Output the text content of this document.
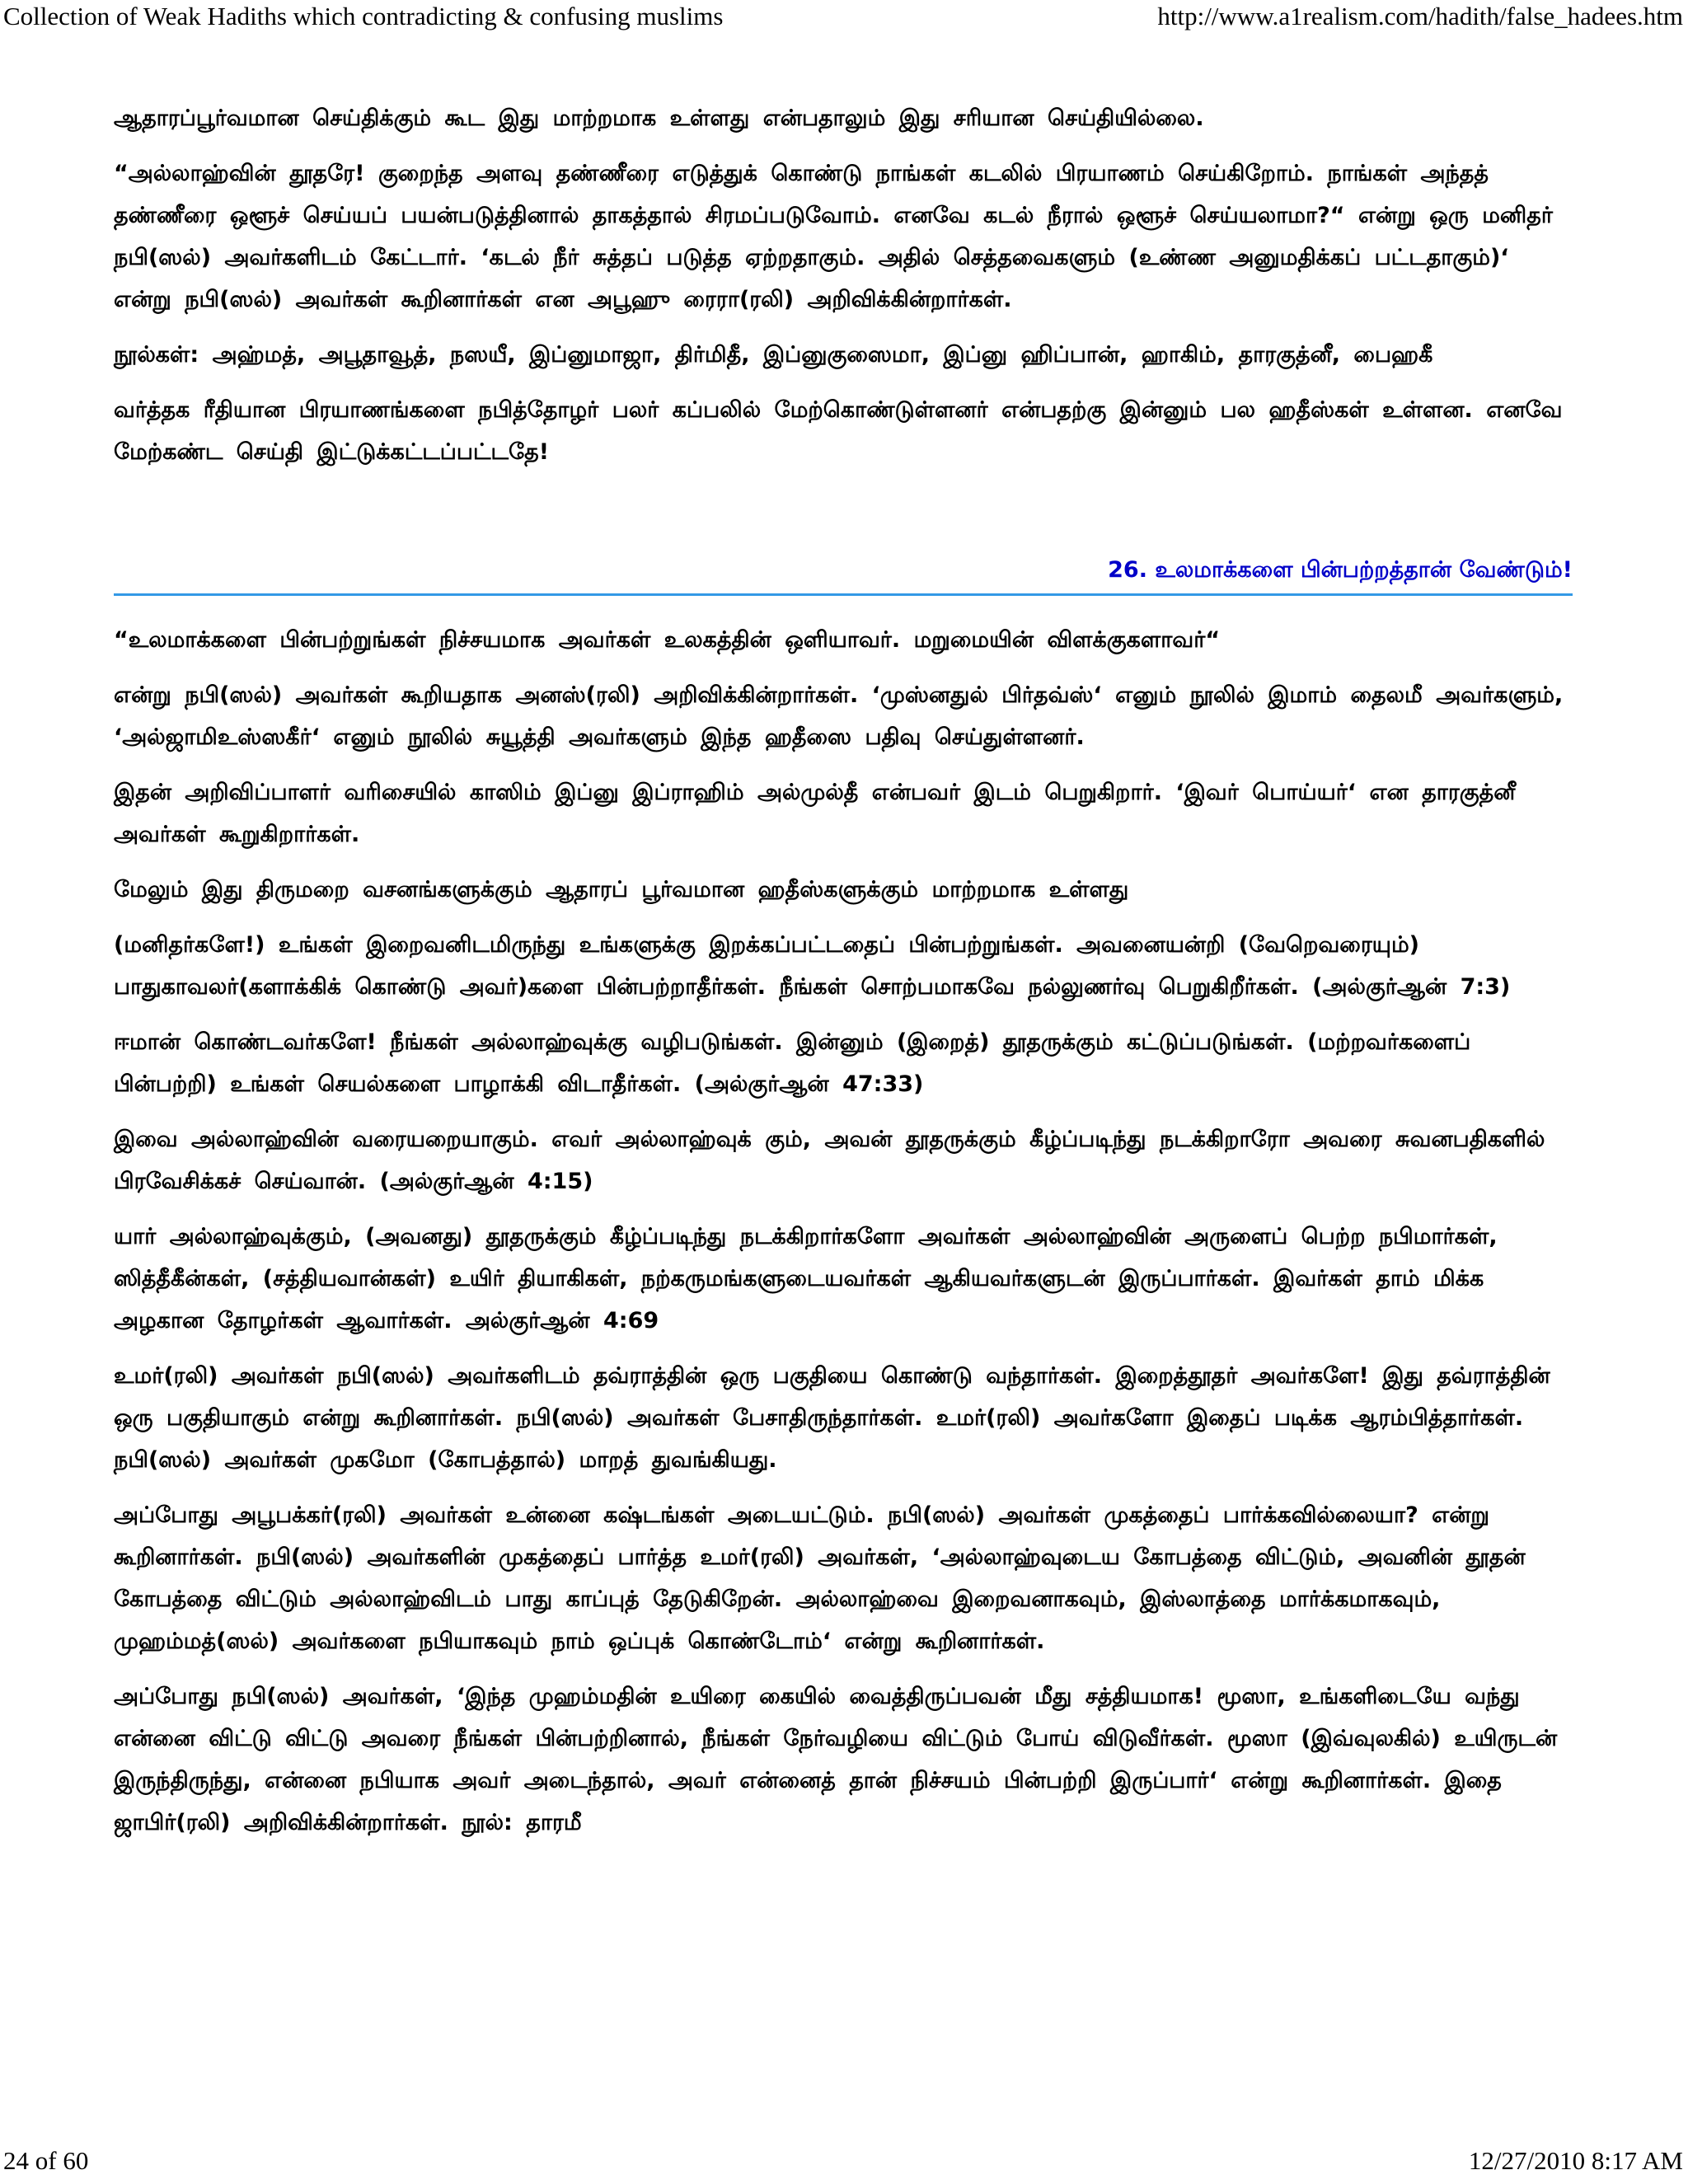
Collection of Weak Hadiths which contradicting & confusing muslims	http://www.a1realism.com/hadith/false_hadees.htm

ஆதாரப்பூர்வமான செய்திக்கும் கூட இது மாற்றமாக உள்ளது என்பதாலும் இது சரியான செய்தியில்லை.

“அல்லாஹ்வின் தூதரே! குறைந்த அளவு தண்ணீரை எடுத்துக் கொண்டு நாங்கள் கடலில் பிரயாணம் செய்கிறோம். நாங்கள் அந்தத் தண்ணீரை ஒளூச் செய்யப் பயன்படுத்தினால் தாகத்தால் சிரமப்படுவோம். எனவே கடல் நீரால் ஒளூச் செய்யலாமா?“ என்று ஒரு மனிதர் நபி(ஸல்) அவர்களிடம் கேட்டார். ‘கடல் நீர் சுத்தப் படுத்த ஏற்றதாகும். அதில் செத்தவைகளும் (உண்ண அனுமதிக்கப் பட்டதாகும்)‘ என்று நபி(ஸல்) அவர்கள் கூறினார்கள் என அபூஹு ரைரா(ரலி) அறிவிக்கின்றார்கள்.

நூல்கள்: அஹ்மத், அபூதாவூத், நஸயீ, இப்னுமாஜா, திர்மிதீ, இப்னுகுஸைமா, இப்னு ஹிப்பான், ஹாகிம், தாரகுத்னீ, பைஹகீ

வர்த்தக ரீதியான பிரயாணங்களை நபித்தோழர் பலர் கப்பலில் மேற்கொண்டுள்ளனர் என்பதற்கு இன்னும் பல ஹதீஸ்கள் உள்ளன. எனவே மேற்கண்ட செய்தி இட்டுக்கட்டப்பட்டதே!

26. உலமாக்களை பின்பற்றத்தான் வேண்டும்!

“உலமாக்களை பின்பற்றுங்கள் நிச்சயமாக அவர்கள் உலகத்தின் ஒளியாவர். மறுமையின் விளக்குகளாவர்“

என்று நபி(ஸல்) அவர்கள் கூறியதாக அனஸ்(ரலி) அறிவிக்கின்றார்கள். ‘முஸ்னதுல் பிர்தவ்ஸ்‘ எனும் நூலில் இமாம் தைலமீ அவர்களும், ‘அல்ஜாமிஉஸ்ஸகீர்‘ எனும் நூலில் சுயூத்தி அவர்களும் இந்த ஹதீஸை பதிவு செய்துள்ளனர்.

இதன் அறிவிப்பாளர் வரிசையில் காஸிம் இப்னு இப்ராஹிம் அல்முல்தீ என்பவர் இடம் பெறுகிறார். ‘இவர் பொய்யர்‘ என தாரகுத்னீ அவர்கள் கூறுகிறார்கள்.

மேலும் இது திருமறை வசனங்களுக்கும் ஆதாரப் பூர்வமான ஹதீஸ்களுக்கும் மாற்றமாக உள்ளது

(மனிதர்களே!) உங்கள் இறைவனிடமிருந்து உங்களுக்கு இறக்கப்பட்டதைப் பின்பற்றுங்கள். அவனையன்றி (வேறெவரையும்) பாதுகாவலர்(களாக்கிக் கொண்டு அவர்)களை பின்பற்றாதீர்கள். நீங்கள் சொற்பமாகவே நல்லுணர்வு பெறுகிறீர்கள். (அல்குர்ஆன் 7:3)

ஈமான் கொண்டவர்களே! நீங்கள் அல்லாஹ்வுக்கு வழிபடுங்கள். இன்னும் (இறைத்) தூதருக்கும் கட்டுப்படுங்கள். (மற்றவர்களைப் பின்பற்றி) உங்கள் செயல்களை பாழாக்கி விடாதீர்கள். (அல்குர்ஆன் 47:33)

இவை அல்லாஹ்வின் வரையறையாகும். எவர் அல்லாஹ்வுக் கும், அவன் தூதருக்கும் கீழ்ப்படிந்து நடக்கிறாரோ அவரை சுவனபதிகளில் பிரவேசிக்கச் செய்வான். (அல்குர்ஆன் 4:15)

யார் அல்லாஹ்வுக்கும், (அவனது) தூதருக்கும் கீழ்ப்படிந்து நடக்கிறார்களோ அவர்கள் அல்லாஹ்வின் அருளைப் பெற்ற நபிமார்கள், ஸித்தீகீன்கள், (சத்தியவான்கள்) உயிர் தியாகிகள், நற்கருமங்களுடையவர்கள் ஆகியவர்களுடன் இருப்பார்கள். இவர்கள் தாம் மிக்க அழகான தோழர்கள் ஆவார்கள். அல்குர்ஆன் 4:69

உமர்(ரலி) அவர்கள் நபி(ஸல்) அவர்களிடம் தவ்ராத்தின் ஒரு பகுதியை கொண்டு வந்தார்கள். இறைத்தூதர் அவர்களே! இது தவ்ராத்தின் ஒரு பகுதியாகும் என்று கூறினார்கள். நபி(ஸல்) அவர்கள் பேசாதிருந்தார்கள். உமர்(ரலி) அவர்களோ இதைப் படிக்க ஆரம்பித்தார்கள். நபி(ஸல்) அவர்கள் முகமோ (கோபத்தால்) மாறத் துவங்கியது.

அப்போது அபூபக்கர்(ரலி) அவர்கள் உன்னை கஷ்டங்கள் அடையட்டும். நபி(ஸல்) அவர்கள் முகத்தைப் பார்க்கவில்லையா? என்று கூறினார்கள். நபி(ஸல்) அவர்களின் முகத்தைப் பார்த்த உமர்(ரலி) அவர்கள், ‘அல்லாஹ்வுடைய கோபத்தை விட்டும், அவனின் தூதன் கோபத்தை விட்டும் அல்லாஹ்விடம் பாது காப்புத் தேடுகிறேன். அல்லாஹ்வை இறைவனாகவும், இஸ்லாத்தை மார்க்கமாகவும், முஹம்மத்(ஸல்) அவர்களை நபியாகவும் நாம் ஒப்புக் கொண்டோம்‘ என்று கூறினார்கள்.

அப்போது நபி(ஸல்) அவர்கள், ‘இந்த முஹம்மதின் உயிரை கையில் வைத்திருப்பவன் மீது சத்தியமாக! மூஸா, உங்களிடையே வந்து என்னை விட்டு விட்டு அவரை நீங்கள் பின்பற்றினால், நீங்கள் நேர்வழியை விட்டும் போய் விடுவீர்கள். மூஸா (இவ்வுலகில்) உயிருடன் இருந்திருந்து, என்னை நபியாக அவர் அடைந்தால், அவர் என்னைத் தான் நிச்சயம் பின்பற்றி இருப்பார்‘ என்று கூறினார்கள். இதை ஜாபிர்(ரலி) அறிவிக்கின்றார்கள். நூல்: தாரமீ

24 of 60	12/27/2010 8:17 AM
